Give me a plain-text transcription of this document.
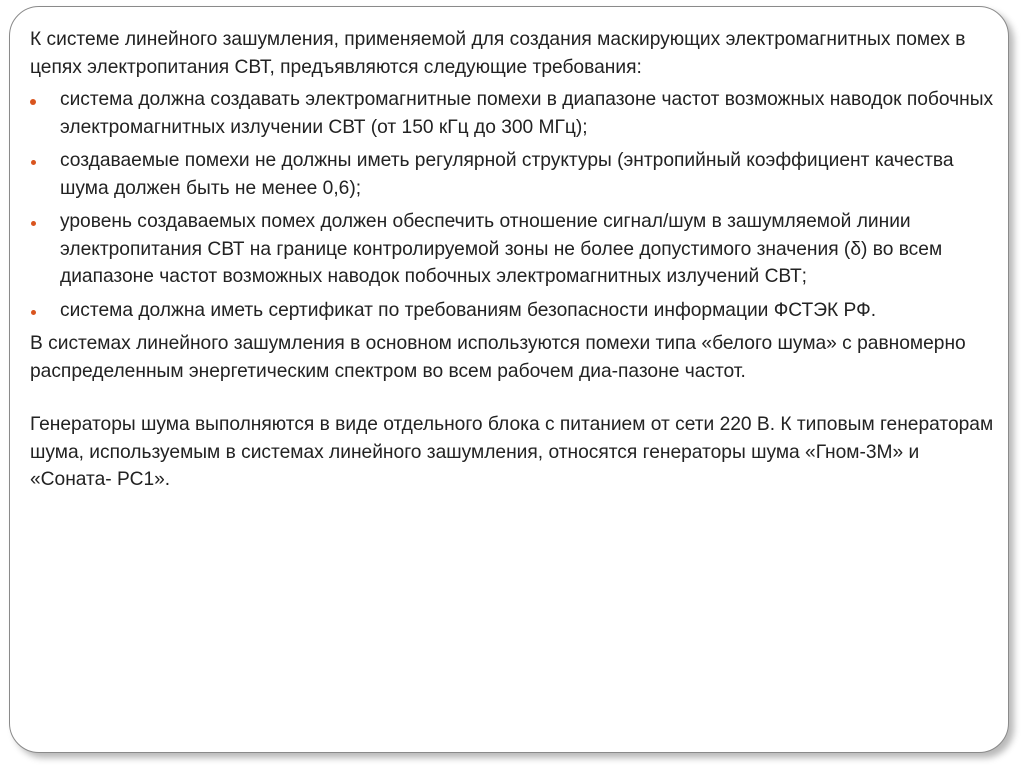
К системе линейного зашумления, применяемой для создания маскирующих электромагнитных помех в цепях электропитания СВТ, предъявляются следующие требования:

система должна создавать электромагнитные помехи в диапазоне частот возможных наводок побочных электромагнитных излучении СВТ (от 150 кГц до 300 МГц);
создаваемые помехи не должны иметь регулярной структуры (энтропийный коэффициент качества шума должен быть не менее 0,6);
уровень создаваемых помех должен обеспечить отношение сигнал/шум в зашумляемой линии электропитания СВТ на границе контролируемой зоны не более допустимого значения (δ) во всем диапазоне частот возможных наводок побочных электромагнитных излучений СВТ;
система должна иметь сертификат по требованиям безопасности информации ФСТЭК РФ.

В системах линейного зашумления в основном используются помехи типа «белого шума» с равномерно распределенным энергетическим спектром во всем рабочем диа-пазоне частот.

Генераторы шума выполняются в виде отдельного блока с питанием от сети 220 В. К типовым генераторам шума, используемым в системах линейного зашумления, относятся генераторы шума «Гном-3М» и «Соната- РС1».
